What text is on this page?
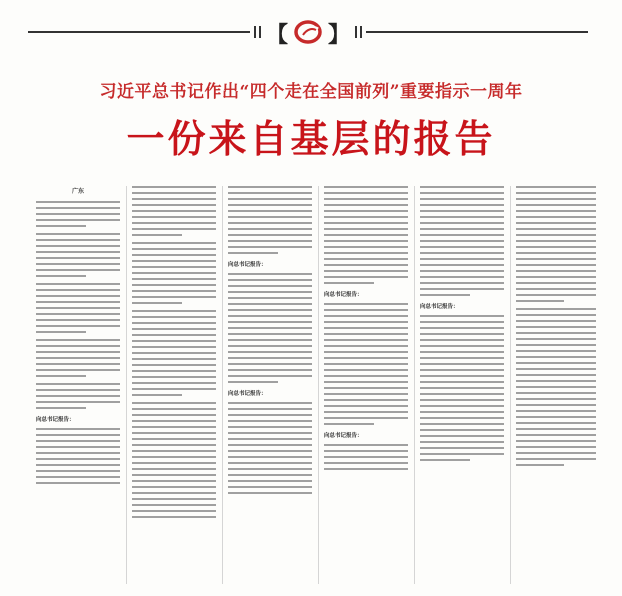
【 】
习近平总书记作出“四个走在全国前列”重要指示一周年
一份来自基层的报告
广东
向总书记报告：
向总书记报告：
向总书记报告：
向总书记报告：
向总书记报告：
向总书记报告：
